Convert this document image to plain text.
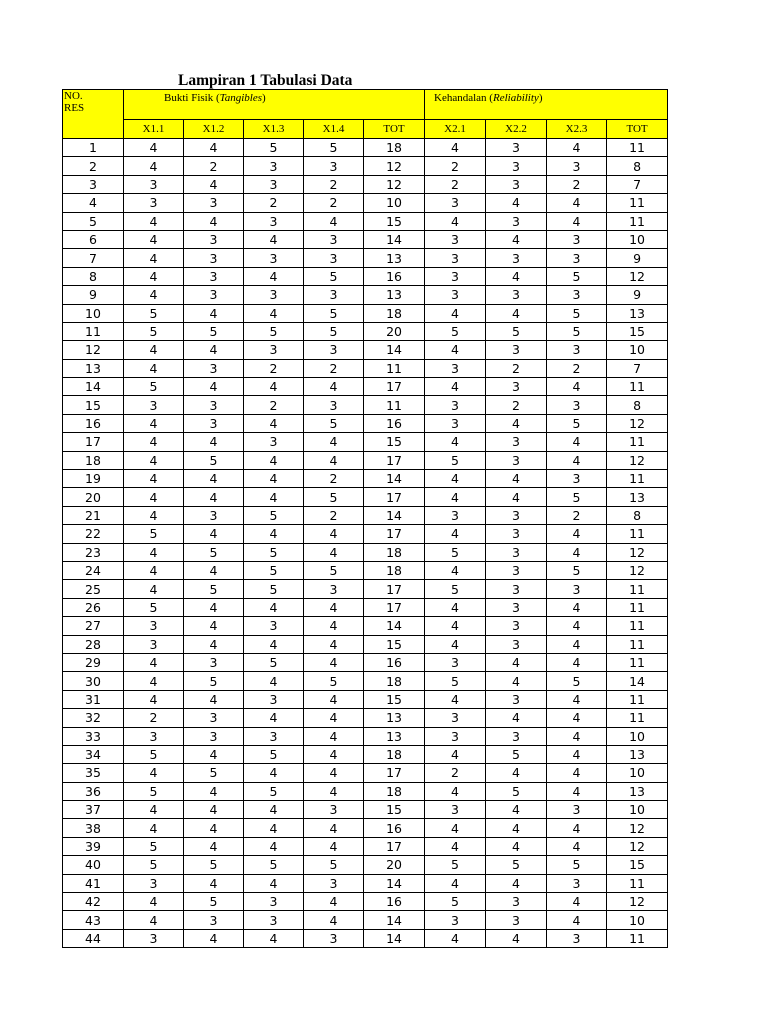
Lampiran 1 Tabulasi Data
NO.
RES	Bukti Fisik (Tangibles)					Kehandalan (Reliability)			
	X1.1	X1.2	X1.3	X1.4	TOT	X2.1	X2.2	X2.3	TOT
1	4	4	5	5	18	4	3	4	11
2	4	2	3	3	12	2	3	3	8
3	3	4	3	2	12	2	3	2	7
4	3	3	2	2	10	3	4	4	11
5	4	4	3	4	15	4	3	4	11
6	4	3	4	3	14	3	4	3	10
7	4	3	3	3	13	3	3	3	9
8	4	3	4	5	16	3	4	5	12
9	4	3	3	3	13	3	3	3	9
10	5	4	4	5	18	4	4	5	13
11	5	5	5	5	20	5	5	5	15
12	4	4	3	3	14	4	3	3	10
13	4	3	2	2	11	3	2	2	7
14	5	4	4	4	17	4	3	4	11
15	3	3	2	3	11	3	2	3	8
16	4	3	4	5	16	3	4	5	12
17	4	4	3	4	15	4	3	4	11
18	4	5	4	4	17	5	3	4	12
19	4	4	4	2	14	4	4	3	11
20	4	4	4	5	17	4	4	5	13
21	4	3	5	2	14	3	3	2	8
22	5	4	4	4	17	4	3	4	11
23	4	5	5	4	18	5	3	4	12
24	4	4	5	5	18	4	3	5	12
25	4	5	5	3	17	5	3	3	11
26	5	4	4	4	17	4	3	4	11
27	3	4	3	4	14	4	3	4	11
28	3	4	4	4	15	4	3	4	11
29	4	3	5	4	16	3	4	4	11
30	4	5	4	5	18	5	4	5	14
31	4	4	3	4	15	4	3	4	11
32	2	3	4	4	13	3	4	4	11
33	3	3	3	4	13	3	3	4	10
34	5	4	5	4	18	4	5	4	13
35	4	5	4	4	17	2	4	4	10
36	5	4	5	4	18	4	5	4	13
37	4	4	4	3	15	3	4	3	10
38	4	4	4	4	16	4	4	4	12
39	5	4	4	4	17	4	4	4	12
40	5	5	5	5	20	5	5	5	15
41	3	4	4	3	14	4	4	3	11
42	4	5	3	4	16	5	3	4	12
43	4	3	3	4	14	3	3	4	10
44	3	4	4	3	14	4	4	3	11
